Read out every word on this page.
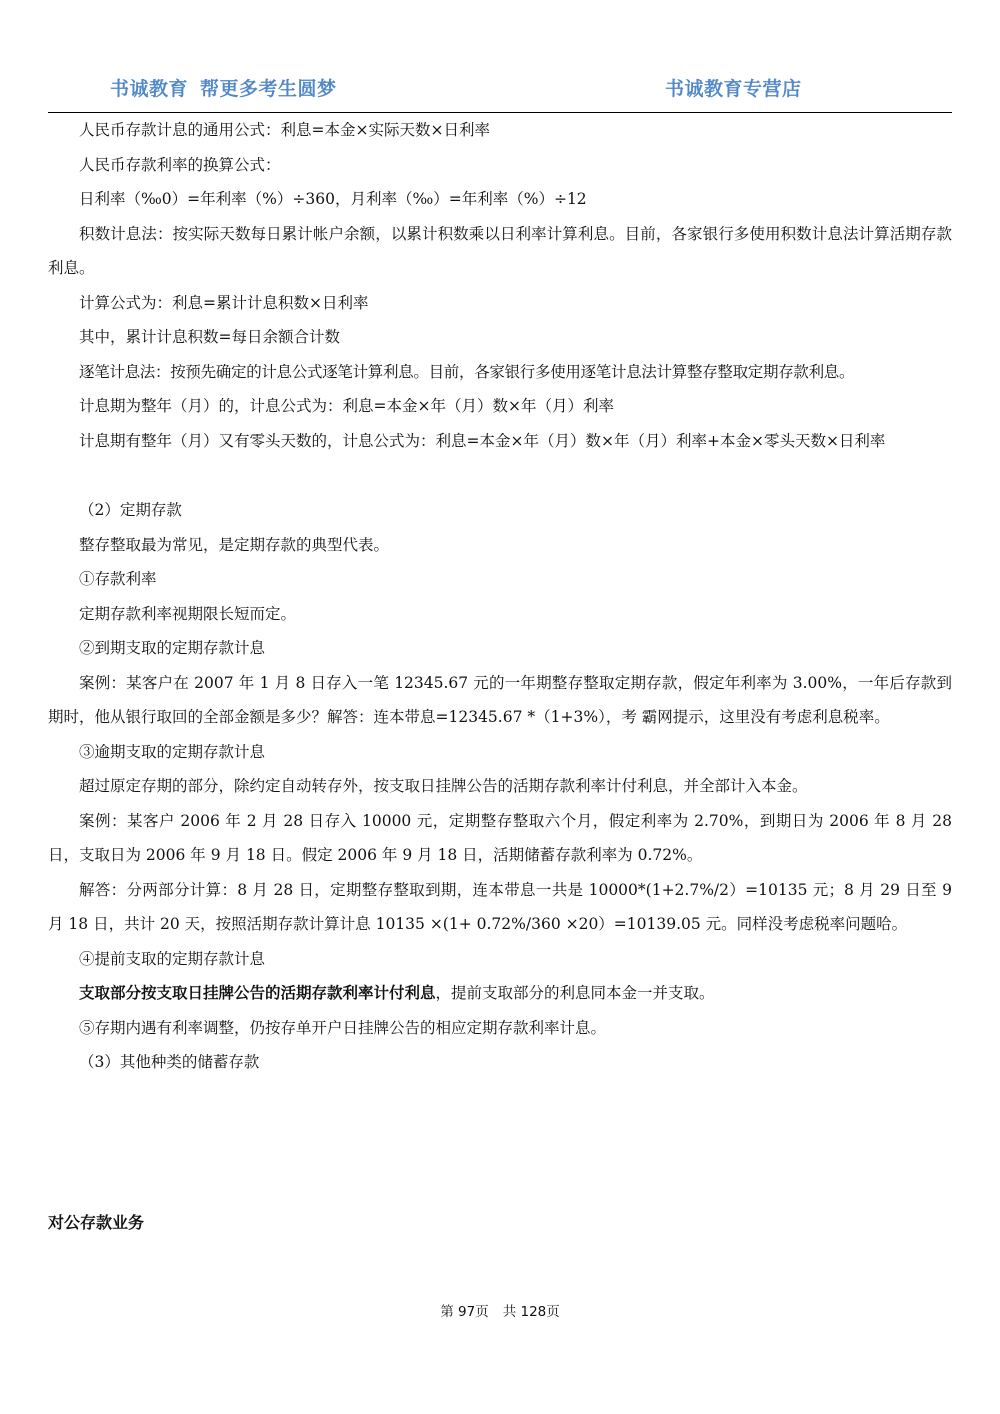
书诚教育 帮更多考生圆梦	书诚教育专营店

人民币存款计息的通用公式：利息=本金×实际天数×日利率

人民币存款利率的换算公式：

日利率（‰0）=年利率（%）÷360，月利率（‰）=年利率（%）÷12

积数计息法：按实际天数每日累计帐户余额，以累计积数乘以日利率计算利息。目前，各家银行多使用积数计息法计算活期存款利息。

计算公式为：利息=累计计息积数×日利率

其中，累计计息积数=每日余额合计数

逐笔计息法：按预先确定的计息公式逐笔计算利息。目前，各家银行多使用逐笔计息法计算整存整取定期存款利息。

计息期为整年（月）的，计息公式为：利息=本金×年（月）数×年（月）利率

计息期有整年（月）又有零头天数的，计息公式为：利息=本金×年（月）数×年（月）利率+本金×零头天数×日利率

（2）定期存款

整存整取最为常见，是定期存款的典型代表。

①存款利率

定期存款利率视期限长短而定。

②到期支取的定期存款计息

案例：某客户在 2007 年 1 月 8 日存入一笔 12345.67 元的一年期整存整取定期存款，假定年利率为 3.00%，一年后存款到期时，他从银行取回的全部金额是多少？解答：连本带息=12345.67 *（1+3%），考 霸网提示，这里没有考虑利息税率。

③逾期支取的定期存款计息

超过原定存期的部分，除约定自动转存外，按支取日挂牌公告的活期存款利率计付利息，并全部计入本金。

案例：某客户 2006 年 2 月 28 日存入 10000 元，定期整存整取六个月，假定利率为 2.70%，到期日为 2006 年 8 月 28 日，支取日为 2006 年 9 月 18 日。假定 2006 年 9 月 18 日，活期储蓄存款利率为 0.72%。

解答：分两部分计算：8 月 28 日，定期整存整取到期，连本带息一共是 10000*(1+2.7%/2）=10135 元；8 月 29 日至 9 月 18 日，共计 20 天，按照活期存款计算计息 10135 ×(1+ 0.72%/360 ×20）=10139.05 元。同样没考虑税率问题哈。

④提前支取的定期存款计息

支取部分按支取日挂牌公告的活期存款利率计付利息，提前支取部分的利息同本金一并支取。

⑤存期内遇有利率调整，仍按存单开户日挂牌公告的相应定期存款利率计息。

（3）其他种类的储蓄存款

对公存款业务
第 97页 共 128页
